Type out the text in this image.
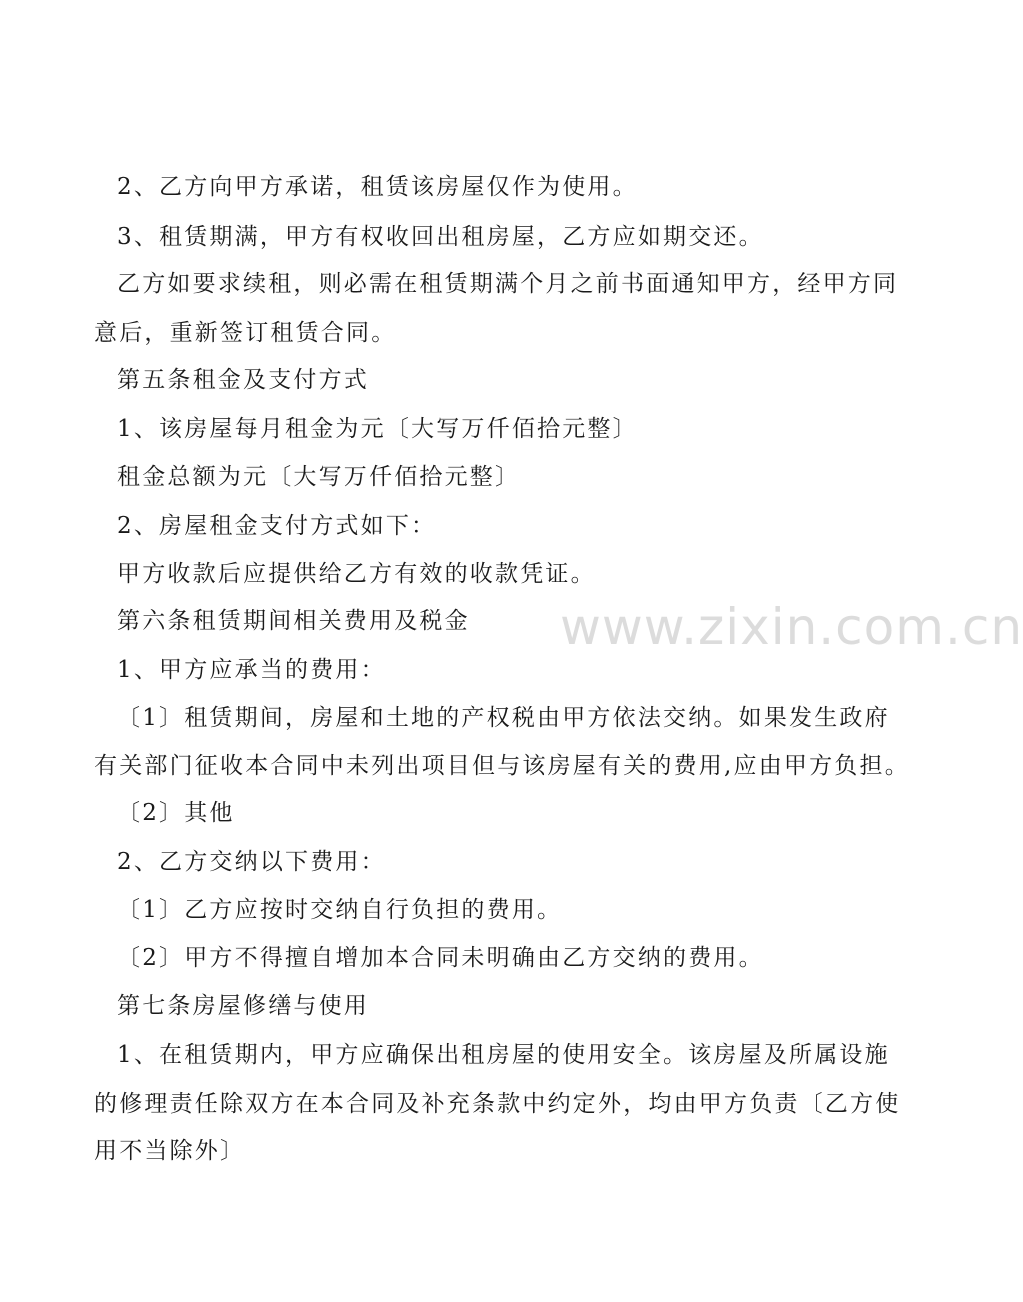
2、乙方向甲方承诺，租赁该房屋仅作为使用。
3、租赁期满，甲方有权收回出租房屋，乙方应如期交还。
乙方如要求续租，则必需在租赁期满个月之前书面通知甲方，经甲方同
意后，重新签订租赁合同。
第五条租金及支付方式
1、该房屋每月租金为元〔大写万仟佰拾元整〕
租金总额为元〔大写万仟佰拾元整〕
2、房屋租金支付方式如下：
甲方收款后应提供给乙方有效的收款凭证。
第六条租赁期间相关费用及税金
1、甲方应承当的费用：
〔1〕租赁期间，房屋和土地的产权税由甲方依法交纳。如果发生政府
有关部门征收本合同中未列出项目但与该房屋有关的费用,应由甲方负担。
〔2〕其他
2、乙方交纳以下费用：
〔1〕乙方应按时交纳自行负担的费用。
〔2〕甲方不得擅自增加本合同未明确由乙方交纳的费用。
第七条房屋修缮与使用
1、在租赁期内，甲方应确保出租房屋的使用安全。该房屋及所属设施
的修理责任除双方在本合同及补充条款中约定外，均由甲方负责〔乙方使
用不当除外〕
www.zixin.com.cn
